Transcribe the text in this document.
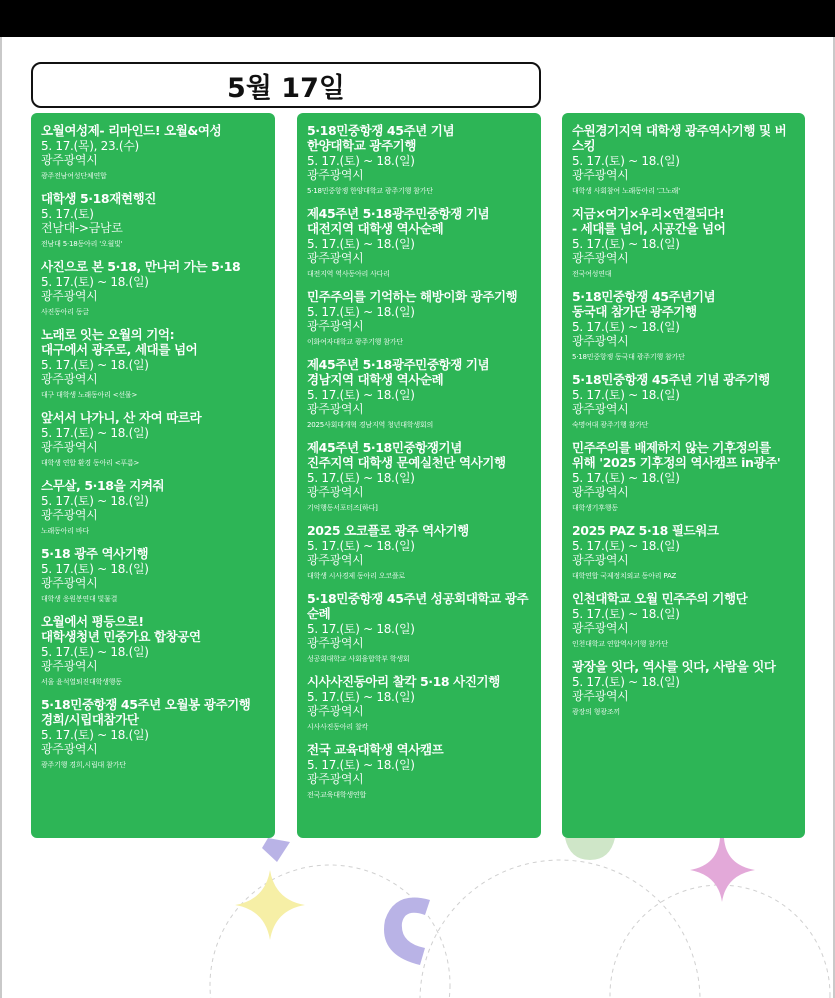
5월 17일
오월여성제- 리마인드! 오월&여성
5. 17.(목), 23.(수)
광주광역시
광주전남여성단체연합
대학생 5·18재현행진
5. 17.(토)
전남대->금남로
전남대 5·18동아리 '오월빛'
사진으로 본 5·18, 만나러 가는 5·18
5. 17.(토) ~ 18.(일)
광주광역시
사진동아리 동글
노래로 잇는 오월의 기억:
대구에서 광주로, 세대를 넘어
5. 17.(토) ~ 18.(일)
광주광역시
대구 대학생 노래동아리 <선물>
앞서서 나가니, 산 자여 따르라
5. 17.(토) ~ 18.(일)
광주광역시
대학생 연합 환경 동아리 <푸름>
스무살, 5·18을 지켜줘
5. 17.(토) ~ 18.(일)
광주광역시
노래동아리 바다
5·18 광주 역사기행
5. 17.(토) ~ 18.(일)
광주광역시
대학생 응원봉연대 빛물결
오월에서 평등으로!
대학생청년 민중가요 합창공연
5. 17.(토) ~ 18.(일)
광주광역시
서울 윤석열퇴진대학생행동
5·18민중항쟁 45주년 오월봉 광주기행
경희/시립대참가단
5. 17.(토) ~ 18.(일)
광주광역시
광주기행 경희,시립대 참가단
5·18민중항쟁 45주년 기념
한양대학교 광주기행
5. 17.(토) ~ 18.(일)
광주광역시
5·18민중항쟁 한양대학교 광주기행 참가단
제45주년 5·18광주민중항쟁 기념
대전지역 대학생 역사순례
5. 17.(토) ~ 18.(일)
광주광역시
대전지역 역사동아리 사다리
민주주의를 기억하는 해방이화 광주기행
5. 17.(토) ~ 18.(일)
광주광역시
이화여자대학교 광주기행 참가단
제45주년 5·18광주민중항쟁 기념
경남지역 대학생 역사순례
5. 17.(토) ~ 18.(일)
광주광역시
2025사회대개혁 경남지역 청년대학생회의
제45주년 5·18민중항쟁기념
진주지역 대학생 문예실천단 역사기행
5. 17.(토) ~ 18.(일)
광주광역시
기억행동서포터즈[하다]
2025 오코플로 광주 역사기행
5. 17.(토) ~ 18.(일)
광주광역시
대학생 시사경제 동아리 오코플로
5·18민중항쟁 45주년 성공회대학교 광주순례
5. 17.(토) ~ 18.(일)
광주광역시
성공회대학교 사회융합학부 학생회
시사사진동아리 찰칵 5·18 사진기행
5. 17.(토) ~ 18.(일)
광주광역시
시사사진동아리 찰칵
전국 교육대학생 역사캠프
5. 17.(토) ~ 18.(일)
광주광역시
전국교육대학생연합
수원경기지역 대학생 광주역사기행 및 버스킹
5. 17.(토) ~ 18.(일)
광주광역시
대학생 사회참여 노래동아리 '그노래'
지금×여기×우리×연결되다!
- 세대를 넘어, 시공간을 넘어
5. 17.(토) ~ 18.(일)
광주광역시
전국여성연대
5·18민중항쟁 45주년기념
동국대 참가단 광주기행
5. 17.(토) ~ 18.(일)
광주광역시
5·18민중항쟁 동국대 광주기행 참가단
5·18민중항쟁 45주년 기념 광주기행
5. 17.(토) ~ 18.(일)
광주광역시
숙명여대 광주기행 참가단
민주주의를 배제하지 않는 기후정의를
위해 '2025 기후정의 역사캠프 in광주'
5. 17.(토) ~ 18.(일)
광주광역시
대학생기후행동
2025 PAZ 5·18 필드워크
5. 17.(토) ~ 18.(일)
광주광역시
대학연합 국제정치외교 동아리 PAZ
인천대학교 오월 민주주의 기행단
5. 17.(토) ~ 18.(일)
광주광역시
인천대학교 연합역사기행 참가단
광장을 잇다, 역사를 잇다, 사람을 잇다
5. 17.(토) ~ 18.(일)
광주광역시
광장의 형광조끼
